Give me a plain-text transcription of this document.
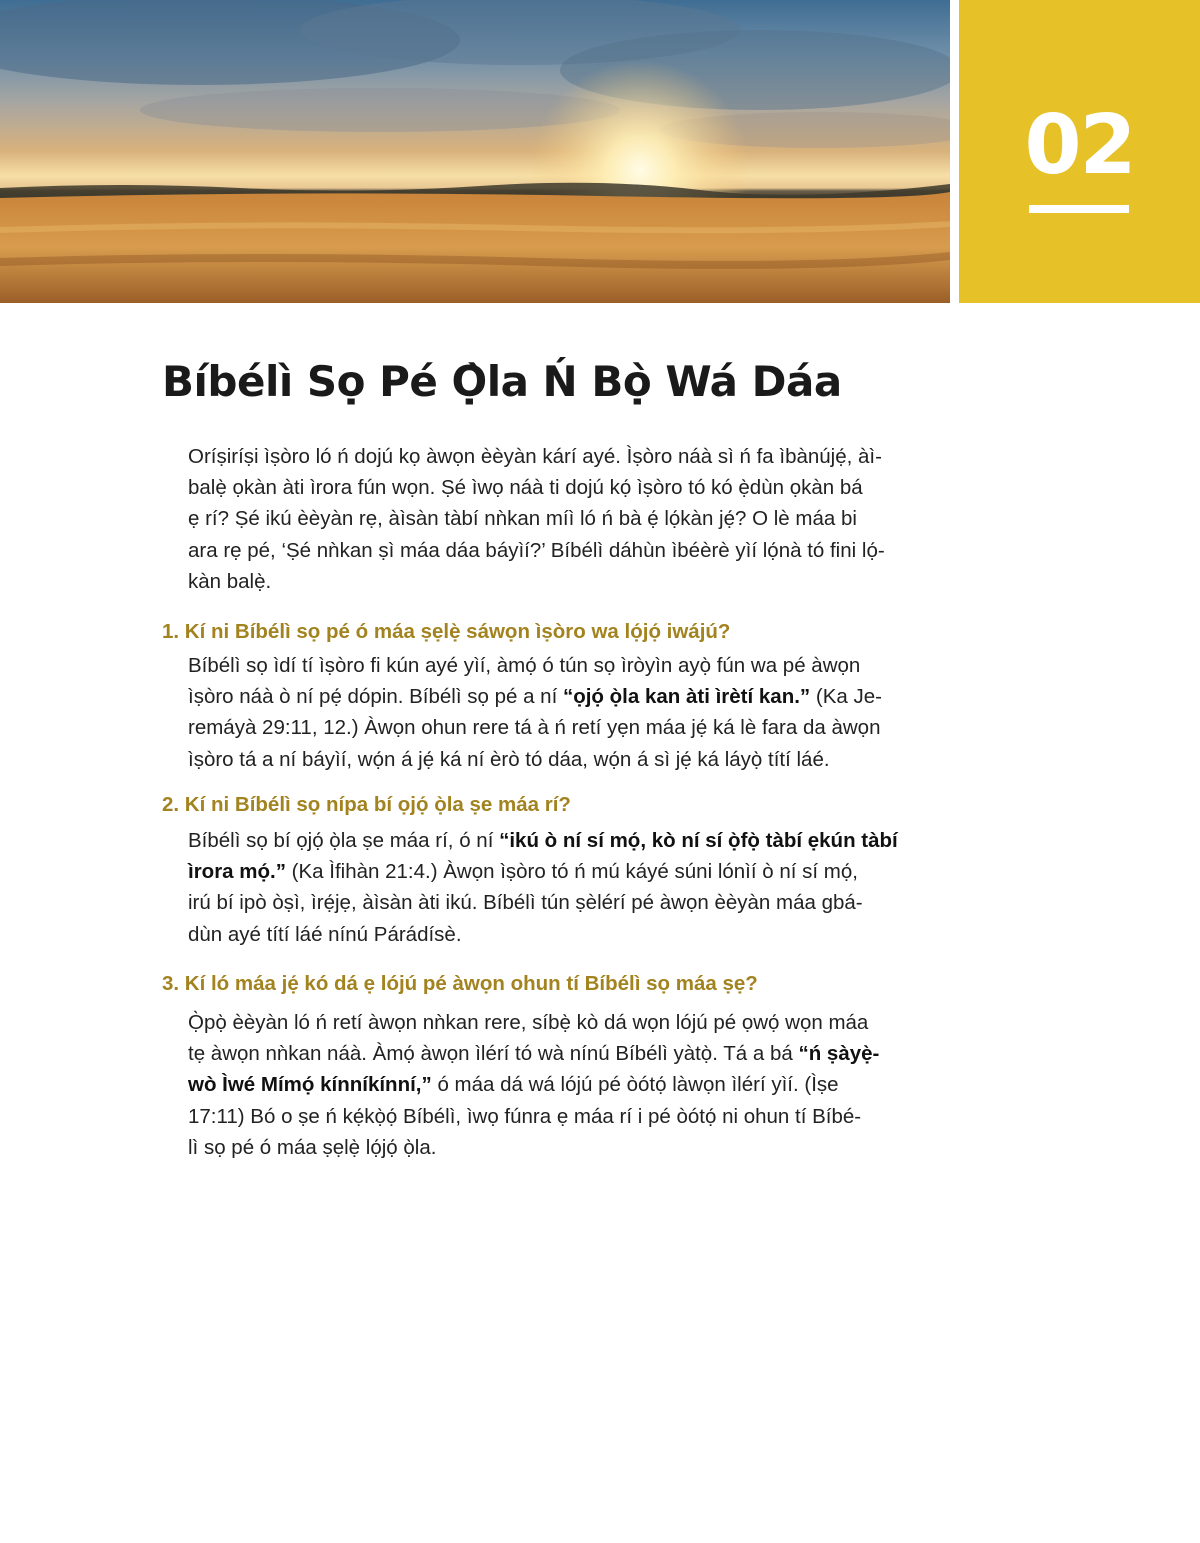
02
Bíbélì Sọ Pé Ọ̀la Ń Bọ̀ Wá Dáa

Oríṣiríṣi ìṣòro ló ń dojú kọ àwọn èèyàn kárí ayé. Ìṣòro náà sì ń fa ìbànújẹ́, àì-
balẹ̀ ọkàn àti ìrora fún wọn. Ṣé ìwọ náà ti dojú kọ́ ìṣòro tó kó ẹ̀dùn ọkàn bá
ẹ rí? Ṣé ikú èèyàn rẹ, àìsàn tàbí nǹkan míì ló ń bà ẹ́ lọ́kàn jẹ́? O lè máa bi
ara rẹ pé, ‘Ṣé nǹkan ṣì máa dáa báyìí?’ Bíbélì dáhùn ìbéèrè yìí lọ́nà tó fini lọ́-
kàn balẹ̀.

1. Kí ni Bíbélì sọ pé ó máa ṣẹlẹ̀ sáwọn ìṣòro wa lọ́jọ́ iwájú?

Bíbélì sọ ìdí tí ìṣòro fi kún ayé yìí, àmọ́ ó tún sọ ìròyìn ayọ̀ fún wa pé àwọn
ìṣòro náà ò ní pẹ́ dópin. Bíbélì sọ pé a ní “ọjọ́ ọ̀la kan àti ìrètí kan.” (Ka Je-
remáyà 29:11, 12.) Àwọn ohun rere tá à ń retí yẹn máa jẹ́ ká lè fara da àwọn
ìṣòro tá a ní báyìí, wọ́n á jẹ́ ká ní èrò tó dáa, wọ́n á sì jẹ́ ká láyọ̀ títí láé.

2. Kí ni Bíbélì sọ nípa bí ọjọ́ ọ̀la ṣe máa rí?

Bíbélì sọ bí ọjọ́ ọ̀la ṣe máa rí, ó ní “ikú ò ní sí mọ́, kò ní sí ọ̀fọ̀ tàbí ẹkún tàbí
ìrora mọ́.” (Ka Ìfihàn 21:4.) Àwọn ìṣòro tó ń mú káyé súni lónìí ò ní sí mọ́,
irú bí ipò òṣì, ìrẹ́jẹ, àìsàn àti ikú. Bíbélì tún ṣèlérí pé àwọn èèyàn máa gbá-
dùn ayé títí láé nínú Párádísè.

3. Kí ló máa jẹ́ kó dá ẹ lójú pé àwọn ohun tí Bíbélì sọ máa ṣẹ?

Ọ̀pọ̀ èèyàn ló ń retí àwọn nǹkan rere, síbẹ̀ kò dá wọn lójú pé ọwọ́ wọn máa
tẹ àwọn nǹkan náà. Àmọ́ àwọn ìlérí tó wà nínú Bíbélì yàtọ̀. Tá a bá “ń ṣàyẹ̀-
wò Ìwé Mímọ́ kínníkínní,” ó máa dá wá lójú pé òótọ́ làwọn ìlérí yìí. (Ìṣe
17:11) Bó o ṣe ń kẹ́kọ̀ọ́ Bíbélì, ìwọ fúnra ẹ máa rí i pé òótọ́ ni ohun tí Bíbé-
lì sọ pé ó máa ṣẹlẹ̀ lọ́jọ́ ọ̀la.
